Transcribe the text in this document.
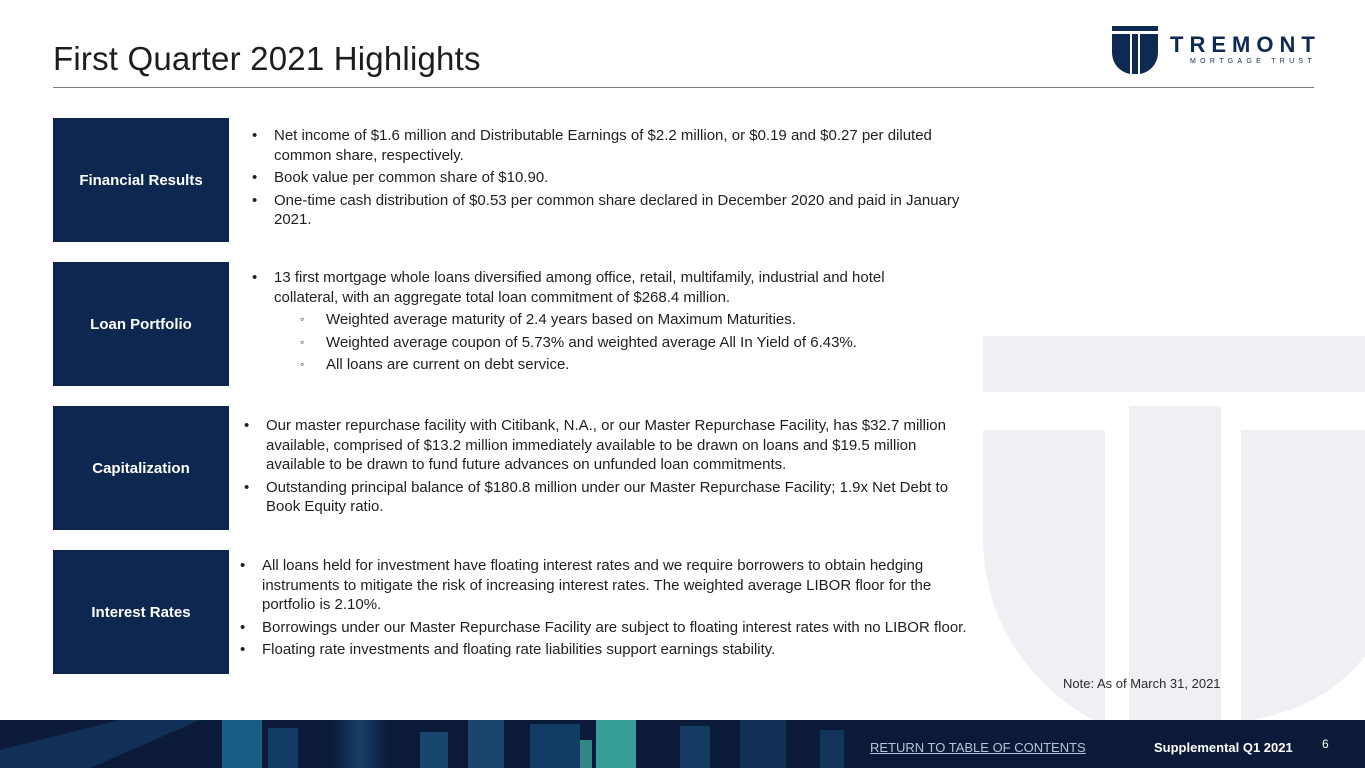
First Quarter 2021 Highlights	TREMONT
MORTGAGE TRUST
Financial Results
• Net income of $1.6 million and Distributable Earnings of $2.2 million, or $0.19 and $0.27 per diluted common share, respectively.
• Book value per common share of $10.90.
• One-time cash distribution of $0.53 per common share declared in December 2020 and paid in January 2021.
Loan Portfolio
• 13 first mortgage whole loans diversified among office, retail, multifamily, industrial and hotel collateral, with an aggregate total loan commitment of $268.4 million.
◦ Weighted average maturity of 2.4 years based on Maximum Maturities.
◦ Weighted average coupon of 5.73% and weighted average All In Yield of 6.43%.
◦ All loans are current on debt service.
Capitalization
• Our master repurchase facility with Citibank, N.A., or our Master Repurchase Facility, has $32.7 million available, comprised of $13.2 million immediately available to be drawn on loans and $19.5 million available to be drawn to fund future advances on unfunded loan commitments.
• Outstanding principal balance of $180.8 million under our Master Repurchase Facility; 1.9x Net Debt to Book Equity ratio.
Interest Rates
• All loans held for investment have floating interest rates and we require borrowers to obtain hedging instruments to mitigate the risk of increasing interest rates. The weighted average LIBOR floor for the portfolio is 2.10%.
• Borrowings under our Master Repurchase Facility are subject to floating interest rates with no LIBOR floor.
• Floating rate investments and floating rate liabilities support earnings stability.
Note: As of March 31, 2021
RETURN TO TABLE OF CONTENTS	Supplemental Q1 2021 6
